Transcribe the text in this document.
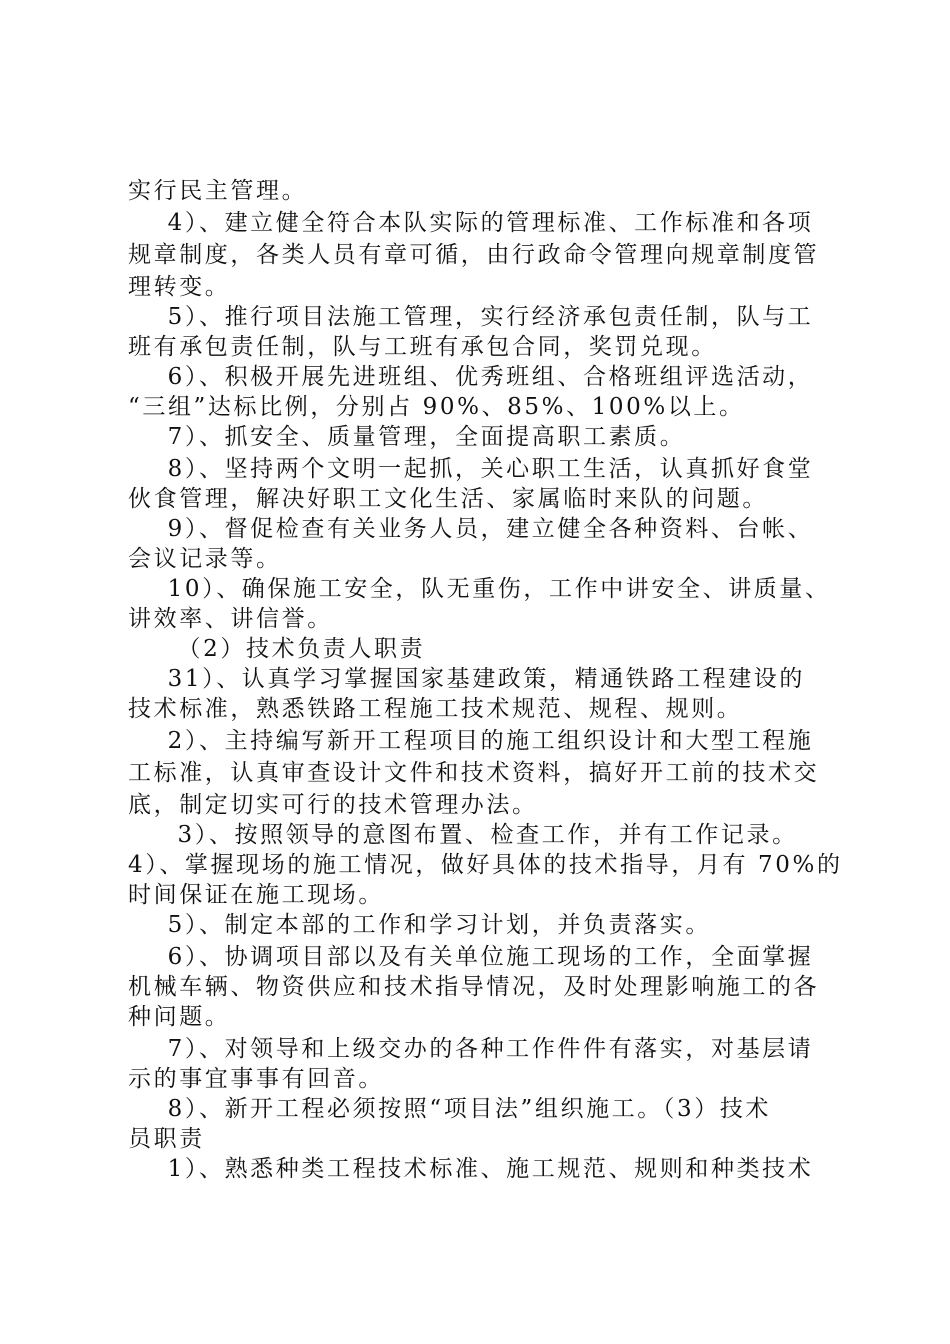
实行民主管理。

4）、建立健全符合本队实际的管理标准、工作标准和各项

规章制度，各类人员有章可循，由行政命令管理向规章制度管

理转变。

5）、推行项目法施工管理，实行经济承包责任制，队与工

班有承包责任制，队与工班有承包合同，奖罚兑现。

6）、积极开展先进班组、优秀班组、合格班组评选活动，

“三组”达标比例，分别占 90%、85%、100%以上。

7）、抓安全、质量管理，全面提高职工素质。

8）、坚持两个文明一起抓，关心职工生活，认真抓好食堂

伙食管理，解决好职工文化生活、家属临时来队的问题。

9）、督促检查有关业务人员，建立健全各种资料、台帐、

会议记录等。

10）、确保施工安全，队无重伤，工作中讲安全、讲质量、

讲效率、讲信誉。

（2）技术负责人职责

31）、认真学习掌握国家基建政策，精通铁路工程建设的

技术标准，熟悉铁路工程施工技术规范、规程、规则。

2）、主持编写新开工程项目的施工组织设计和大型工程施

工标准，认真审查设计文件和技术资料，搞好开工前的技术交

底，制定切实可行的技术管理办法。

3）、按照领导的意图布置、检查工作，并有工作记录。

4）、掌握现场的施工情况，做好具体的技术指导，月有 70%的

时间保证在施工现场。

5）、制定本部的工作和学习计划，并负责落实。

6）、协调项目部以及有关单位施工现场的工作，全面掌握

机械车辆、物资供应和技术指导情况，及时处理影响施工的各

种问题。

7）、对领导和上级交办的各种工作件件有落实，对基层请

示的事宜事事有回音。

8）、新开工程必须按照“项目法”组织施工。（3）技术

员职责

1）、熟悉种类工程技术标准、施工规范、规则和种类技术
